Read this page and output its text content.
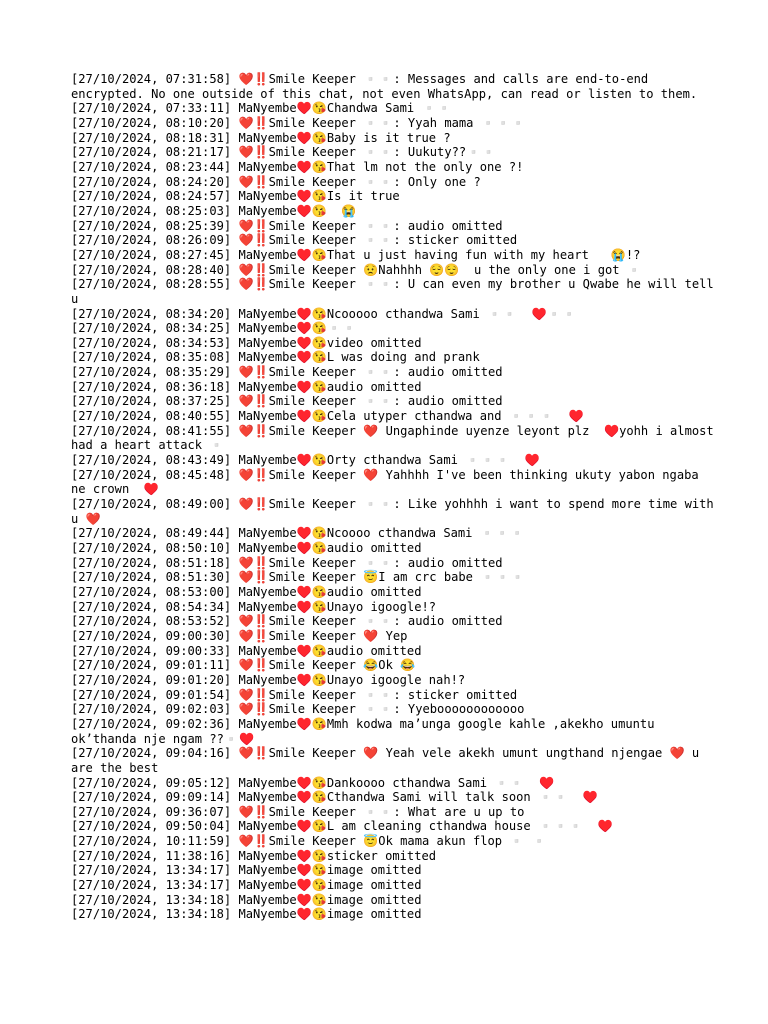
[27/10/2024, 07:31:58] ❤️‼️Smile Keeper ▫️▫️: Messages and calls are end-to-end encrypted. No one outside of this chat, not even WhatsApp, can read or listen to them.

[27/10/2024, 07:33:11] MaNyembe♥️😘Chandwa Sami ▫️▫️

[27/10/2024, 08:10:20] ❤️‼️Smile Keeper ▫️▫️: Yyah mama ▫️▫️▫️

[27/10/2024, 08:18:31] MaNyembe♥️😘Baby is it true ?

[27/10/2024, 08:21:17] ❤️‼️Smile Keeper ▫️▫️: Uukuty??▫️▫️

[27/10/2024, 08:23:44] MaNyembe♥️😘That lm not the only one ?!

[27/10/2024, 08:24:20] ❤️‼️Smile Keeper ▫️▫️: Only one ?

[27/10/2024, 08:24:57] MaNyembe♥️😘Is it true

[27/10/2024, 08:25:03] MaNyembe♥️😘  😭

[27/10/2024, 08:25:39] ❤️‼️Smile Keeper ▫️▫️: audio omitted

[27/10/2024, 08:26:09] ❤️‼️Smile Keeper ▫️▫️: sticker omitted

[27/10/2024, 08:27:45] MaNyembe♥️😘That u just having fun with my heart   😭!?

[27/10/2024, 08:28:40] ❤️‼️Smile Keeper 😟Nahhhh 😌😌  u the only one i got ▫️

[27/10/2024, 08:28:55] ❤️‼️Smile Keeper ▫️▫️: U can even my brother u Qwabe he will tell u

[27/10/2024, 08:34:20] MaNyembe♥️😘Ncooooo cthandwa Sami ▫️▫️  ♥️▫️▫️

[27/10/2024, 08:34:25] MaNyembe♥️😘▫️▫️

[27/10/2024, 08:34:53] MaNyembe♥️😘video omitted

[27/10/2024, 08:35:08] MaNyembe♥️😘L was doing and prank

[27/10/2024, 08:35:29] ❤️‼️Smile Keeper ▫️▫️: audio omitted

[27/10/2024, 08:36:18] MaNyembe♥️😘audio omitted

[27/10/2024, 08:37:25] ❤️‼️Smile Keeper ▫️▫️: audio omitted

[27/10/2024, 08:40:55] MaNyembe♥️😘Cela utyper cthandwa and ▫️▫️▫️  ♥️

[27/10/2024, 08:41:55] ❤️‼️Smile Keeper ❤️ Ungaphinde uyenze leyont plz  ♥️yohh i almost had a heart attack ▫️

[27/10/2024, 08:43:49] MaNyembe♥️😘Orty cthandwa Sami ▫️▫️▫️  ♥️

[27/10/2024, 08:45:48] ❤️‼️Smile Keeper ❤️ Yahhhh I've been thinking ukuty yabon ngaba ne crown  ♥️

[27/10/2024, 08:49:00] ❤️‼️Smile Keeper ▫️▫️: Like yohhhh i want to spend more time with u ❤️

[27/10/2024, 08:49:44] MaNyembe♥️😘Ncoooo cthandwa Sami ▫️▫️▫️

[27/10/2024, 08:50:10] MaNyembe♥️😘audio omitted

[27/10/2024, 08:51:18] ❤️‼️Smile Keeper ▫️▫️: audio omitted

[27/10/2024, 08:51:30] ❤️‼️Smile Keeper 😇I am crc babe ▫️▫️▫️

[27/10/2024, 08:53:00] MaNyembe♥️😘audio omitted

[27/10/2024, 08:54:34] MaNyembe♥️😘Unayo igoogle!?

[27/10/2024, 08:53:52] ❤️‼️Smile Keeper ▫️▫️: audio omitted

[27/10/2024, 09:00:30] ❤️‼️Smile Keeper ❤️ Yep

[27/10/2024, 09:00:33] MaNyembe♥️😘audio omitted

[27/10/2024, 09:01:11] ❤️‼️Smile Keeper 😂Ok 😂

[27/10/2024, 09:01:20] MaNyembe♥️😘Unayo igoogle nah!?

[27/10/2024, 09:01:54] ❤️‼️Smile Keeper ▫️▫️: sticker omitted

[27/10/2024, 09:02:03] ❤️‼️Smile Keeper ▫️▫️: Yyeboooooooooooo

[27/10/2024, 09:02:36] MaNyembe♥️😘Mmh kodwa ma’unga google kahle ,akekho umuntu ok’thanda nje ngam ??▫️♥️

[27/10/2024, 09:04:16] ❤️‼️Smile Keeper ❤️ Yeah vele akekh umunt ungthand njengae ❤️ u are the best

[27/10/2024, 09:05:12] MaNyembe♥️😘Dankoooo cthandwa Sami ▫️▫️  ♥️

[27/10/2024, 09:09:14] MaNyembe♥️😘Cthandwa Sami will talk soon ▫️▫️  ♥️

[27/10/2024, 09:36:07] ❤️‼️Smile Keeper ▫️▫️: What are u up to

[27/10/2024, 09:50:04] MaNyembe♥️😘L am cleaning cthandwa house ▫️▫️▫️  ♥️

[27/10/2024, 10:11:59] ❤️‼️Smile Keeper 😇Ok mama akun flop ▫️ ▫️

[27/10/2024, 11:38:16] MaNyembe♥️😘sticker omitted

[27/10/2024, 13:34:17] MaNyembe♥️😘image omitted

[27/10/2024, 13:34:17] MaNyembe♥️😘image omitted

[27/10/2024, 13:34:18] MaNyembe♥️😘image omitted

[27/10/2024, 13:34:18] MaNyembe♥️😘image omitted
